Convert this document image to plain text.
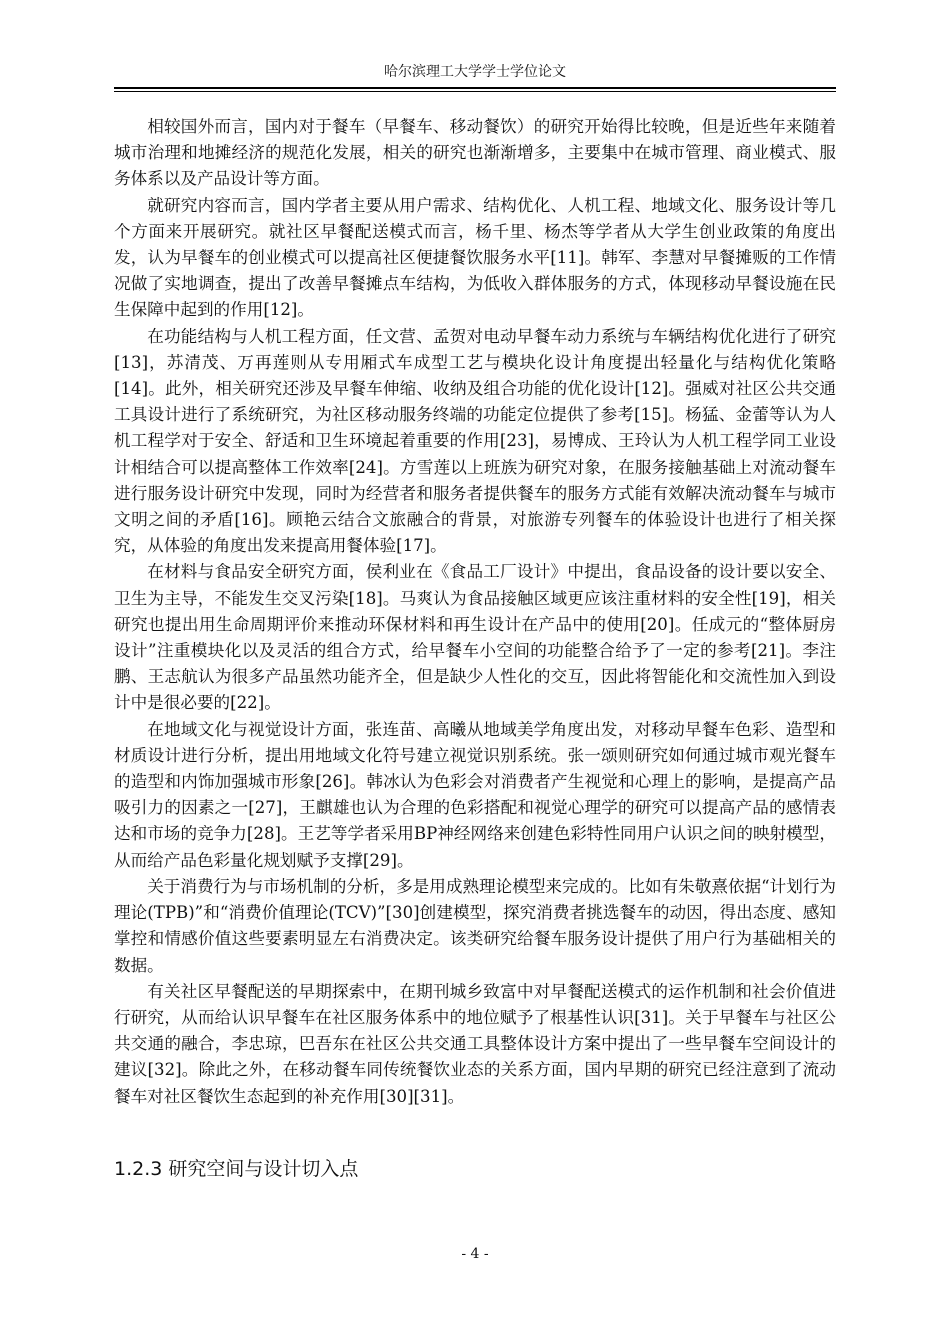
哈尔滨理工大学学士学位论文

相较国外而言，国内对于餐车（早餐车、移动餐饮）的研究开始得比较晚，但是近些年来随着城市治理和地摊经济的规范化发展，相关的研究也渐渐增多，主要集中在城市管理、商业模式、服务体系以及产品设计等方面。

就研究内容而言，国内学者主要从用户需求、结构优化、人机工程、地域文化、服务设计等几个方面来开展研究。就社区早餐配送模式而言，杨千里、杨杰等学者从大学生创业政策的角度出发，认为早餐车的创业模式可以提高社区便捷餐饮服务水平[11]。韩军、李慧对早餐摊贩的工作情况做了实地调查，提出了改善早餐摊点车结构，为低收入群体服务的方式，体现移动早餐设施在民生保障中起到的作用[12]。

在功能结构与人机工程方面，任文营、孟贺对电动早餐车动力系统与车辆结构优化进行了研究[13]，苏清茂、万再莲则从专用厢式车成型工艺与模块化设计角度提出轻量化与结构优化策略[14]。此外，相关研究还涉及早餐车伸缩、收纳及组合功能的优化设计[12]。强威对社区公共交通工具设计进行了系统研究，为社区移动服务终端的功能定位提供了参考[15]。杨猛、金蕾等认为人机工程学对于安全、舒适和卫生环境起着重要的作用[23]，易博成、王玲认为人机工程学同工业设计相结合可以提高整体工作效率[24]。方雪莲以上班族为研究对象，在服务接触基础上对流动餐车进行服务设计研究中发现，同时为经营者和服务者提供餐车的服务方式能有效解决流动餐车与城市文明之间的矛盾[16]。顾艳云结合文旅融合的背景，对旅游专列餐车的体验设计也进行了相关探究，从体验的角度出发来提高用餐体验[17]。

在材料与食品安全研究方面，侯利业在《食品工厂设计》中提出，食品设备的设计要以安全、卫生为主导，不能发生交叉污染[18]。马爽认为食品接触区域更应该注重材料的安全性[19]，相关研究也提出用生命周期评价来推动环保材料和再生设计在产品中的使用[20]。任成元的“整体厨房设计”注重模块化以及灵活的组合方式，给早餐车小空间的功能整合给予了一定的参考[21]。李注鹏、王志航认为很多产品虽然功能齐全，但是缺少人性化的交互，因此将智能化和交流性加入到设计中是很必要的[22]。

在地域文化与视觉设计方面，张连苗、高曦从地域美学角度出发，对移动早餐车色彩、造型和材质设计进行分析，提出用地域文化符号建立视觉识别系统。张一颂则研究如何通过城市观光餐车的造型和内饰加强城市形象[26]。韩冰认为色彩会对消费者产生视觉和心理上的影响，是提高产品吸引力的因素之一[27]，王麒雄也认为合理的色彩搭配和视觉心理学的研究可以提高产品的感情表达和市场的竞争力[28]。王艺等学者采用BP神经网络来创建色彩特性同用户认识之间的映射模型，从而给产品色彩量化规划赋予支撑[29]。

关于消费行为与市场机制的分析，多是用成熟理论模型来完成的。比如有朱敬熹依据“计划行为理论(TPB)”和“消费价值理论(TCV)”[30]创建模型，探究消费者挑选餐车的动因，得出态度、感知掌控和情感价值这些要素明显左右消费决定。该类研究给餐车服务设计提供了用户行为基础相关的数据。

有关社区早餐配送的早期探索中，在期刊城乡致富中对早餐配送模式的运作机制和社会价值进行研究，从而给认识早餐车在社区服务体系中的地位赋予了根基性认识[31]。关于早餐车与社区公共交通的融合，李忠琼，巴吾东在社区公共交通工具整体设计方案中提出了一些早餐车空间设计的建议[32]。除此之外，在移动餐车同传统餐饮业态的关系方面，国内早期的研究已经注意到了流动餐车对社区餐饮生态起到的补充作用[30][31]。

1.2.3 研究空间与设计切入点
- 4 -
